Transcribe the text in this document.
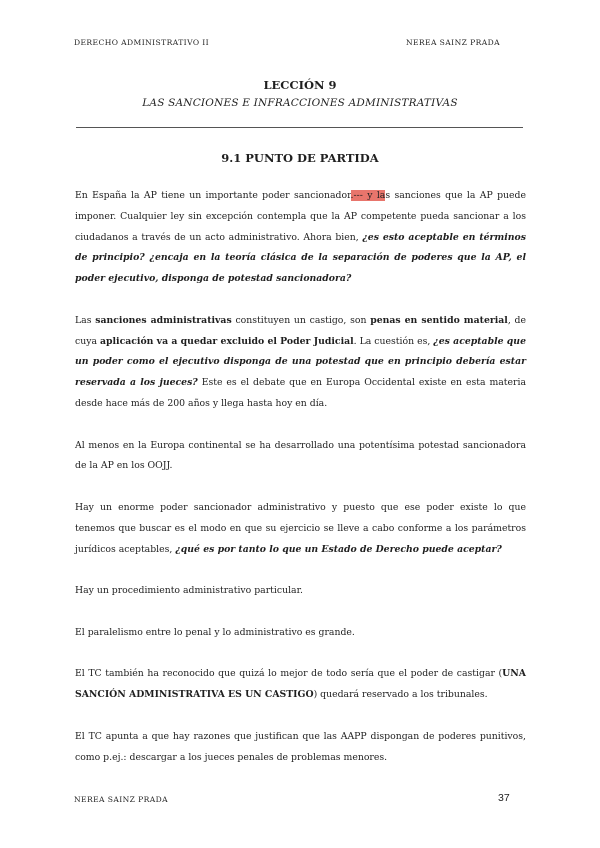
DERECHO ADMINISTRATIVO II	NEREA SAINZ PRADA
LECCIÓN 9
LAS SANCIONES E INFRACCIONES ADMINISTRATIVAS
9.1 PUNTO DE PARTIDA

En España la AP tiene un importante poder sancionador.--- y las sanciones que la AP puede imponer. Cualquier ley sin excepción contempla que la AP competente pueda sancionar a los ciudadanos a través de un acto administrativo. Ahora bien, ¿es esto aceptable en términos de principio? ¿encaja en la teoría clásica de la separación de poderes que la AP, el poder ejecutivo, disponga de potestad sancionadora?

Las sanciones administrativas constituyen un castigo, son penas en sentido material, de cuya aplicación va a quedar excluido el Poder Judicial. La cuestión es, ¿es aceptable que un poder como el ejecutivo disponga de una potestad que en principio debería estar reservada a los jueces? Este es el debate que en Europa Occidental existe en esta materia desde hace más de 200 años y llega hasta hoy en día.

Al menos en la Europa continental se ha desarrollado una potentísima potestad sancionadora de la AP en los OOJJ.

Hay un enorme poder sancionador administrativo y puesto que ese poder existe lo que tenemos que buscar es el modo en que su ejercicio se lleve a cabo conforme a los parámetros jurídicos aceptables, ¿qué es por tanto lo que un Estado de Derecho puede aceptar?

Hay un procedimiento administrativo particular.

El paralelismo entre lo penal y lo administrativo es grande.

El TC también ha reconocido que quizá lo mejor de todo sería que el poder de castigar (UNA SANCIÓN ADMINISTRATIVA ES UN CASTIGO) quedará reservado a los tribunales.

El TC apunta a que hay razones que justifican que las AAPP dispongan de poderes punitivos, como p.ej.: descargar a los jueces penales de problemas menores.

NEREA SAINZ PRADA	37
